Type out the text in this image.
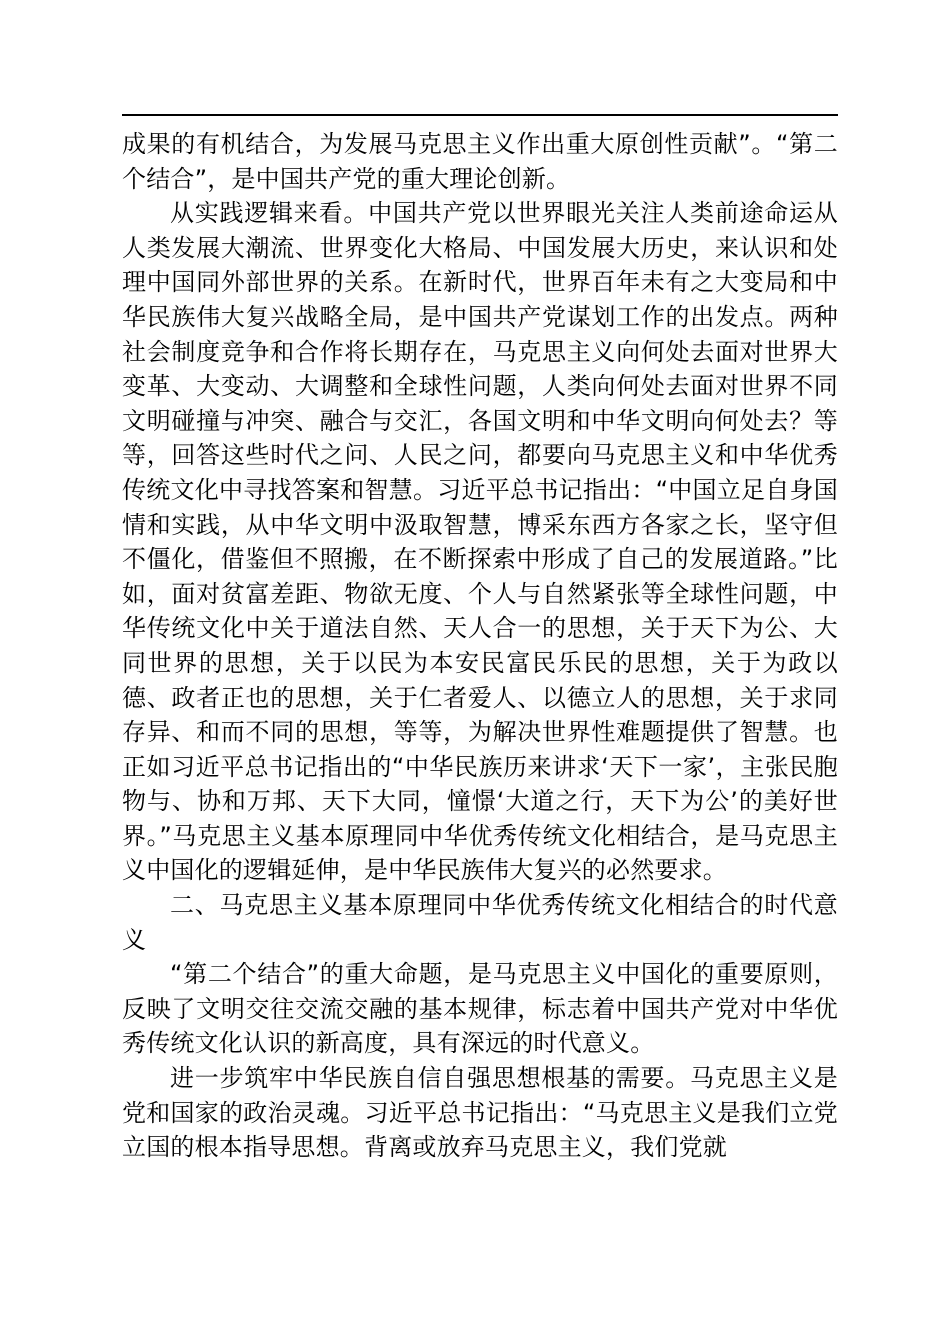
成果的有机结合，为发展马克思主义作出重大原创性贡献”。“第二个结合”，是中国共产党的重大理论创新。

从实践逻辑来看。中国共产党以世界眼光关注人类前途命运从人类发展大潮流、世界变化大格局、中国发展大历史，来认识和处理中国同外部世界的关系。在新时代，世界百年未有之大变局和中华民族伟大复兴战略全局，是中国共产党谋划工作的出发点。两种社会制度竞争和合作将长期存在，马克思主义向何处去面对世界大变革、大变动、大调整和全球性问题，人类向何处去面对世界不同文明碰撞与冲突、融合与交汇，各国文明和中华文明向何处去？等等，回答这些时代之问、人民之问，都要向马克思主义和中华优秀传统文化中寻找答案和智慧。习近平总书记指出：“中国立足自身国情和实践，从中华文明中汲取智慧，博采东西方各家之长，坚守但不僵化，借鉴但不照搬，在不断探索中形成了自己的发展道路。”比如，面对贫富差距、物欲无度、个人与自然紧张等全球性问题，中华传统文化中关于道法自然、天人合一的思想，关于天下为公、大同世界的思想，关于以民为本安民富民乐民的思想，关于为政以德、政者正也的思想，关于仁者爱人、以德立人的思想，关于求同存异、和而不同的思想，等等，为解决世界性难题提供了智慧。也正如习近平总书记指出的“中华民族历来讲求‘天下一家’，主张民胞物与、协和万邦、天下大同，憧憬‘大道之行，天下为公’的美好世界。”马克思主义基本原理同中华优秀传统文化相结合，是马克思主义中国化的逻辑延伸，是中华民族伟大复兴的必然要求。

二、马克思主义基本原理同中华优秀传统文化相结合的时代意义

“第二个结合”的重大命题，是马克思主义中国化的重要原则，反映了文明交往交流交融的基本规律，标志着中国共产党对中华优秀传统文化认识的新高度，具有深远的时代意义。

进一步筑牢中华民族自信自强思想根基的需要。马克思主义是党和国家的政治灵魂。习近平总书记指出：“马克思主义是我们立党立国的根本指导思想。背离或放弃马克思主义，我们党就
